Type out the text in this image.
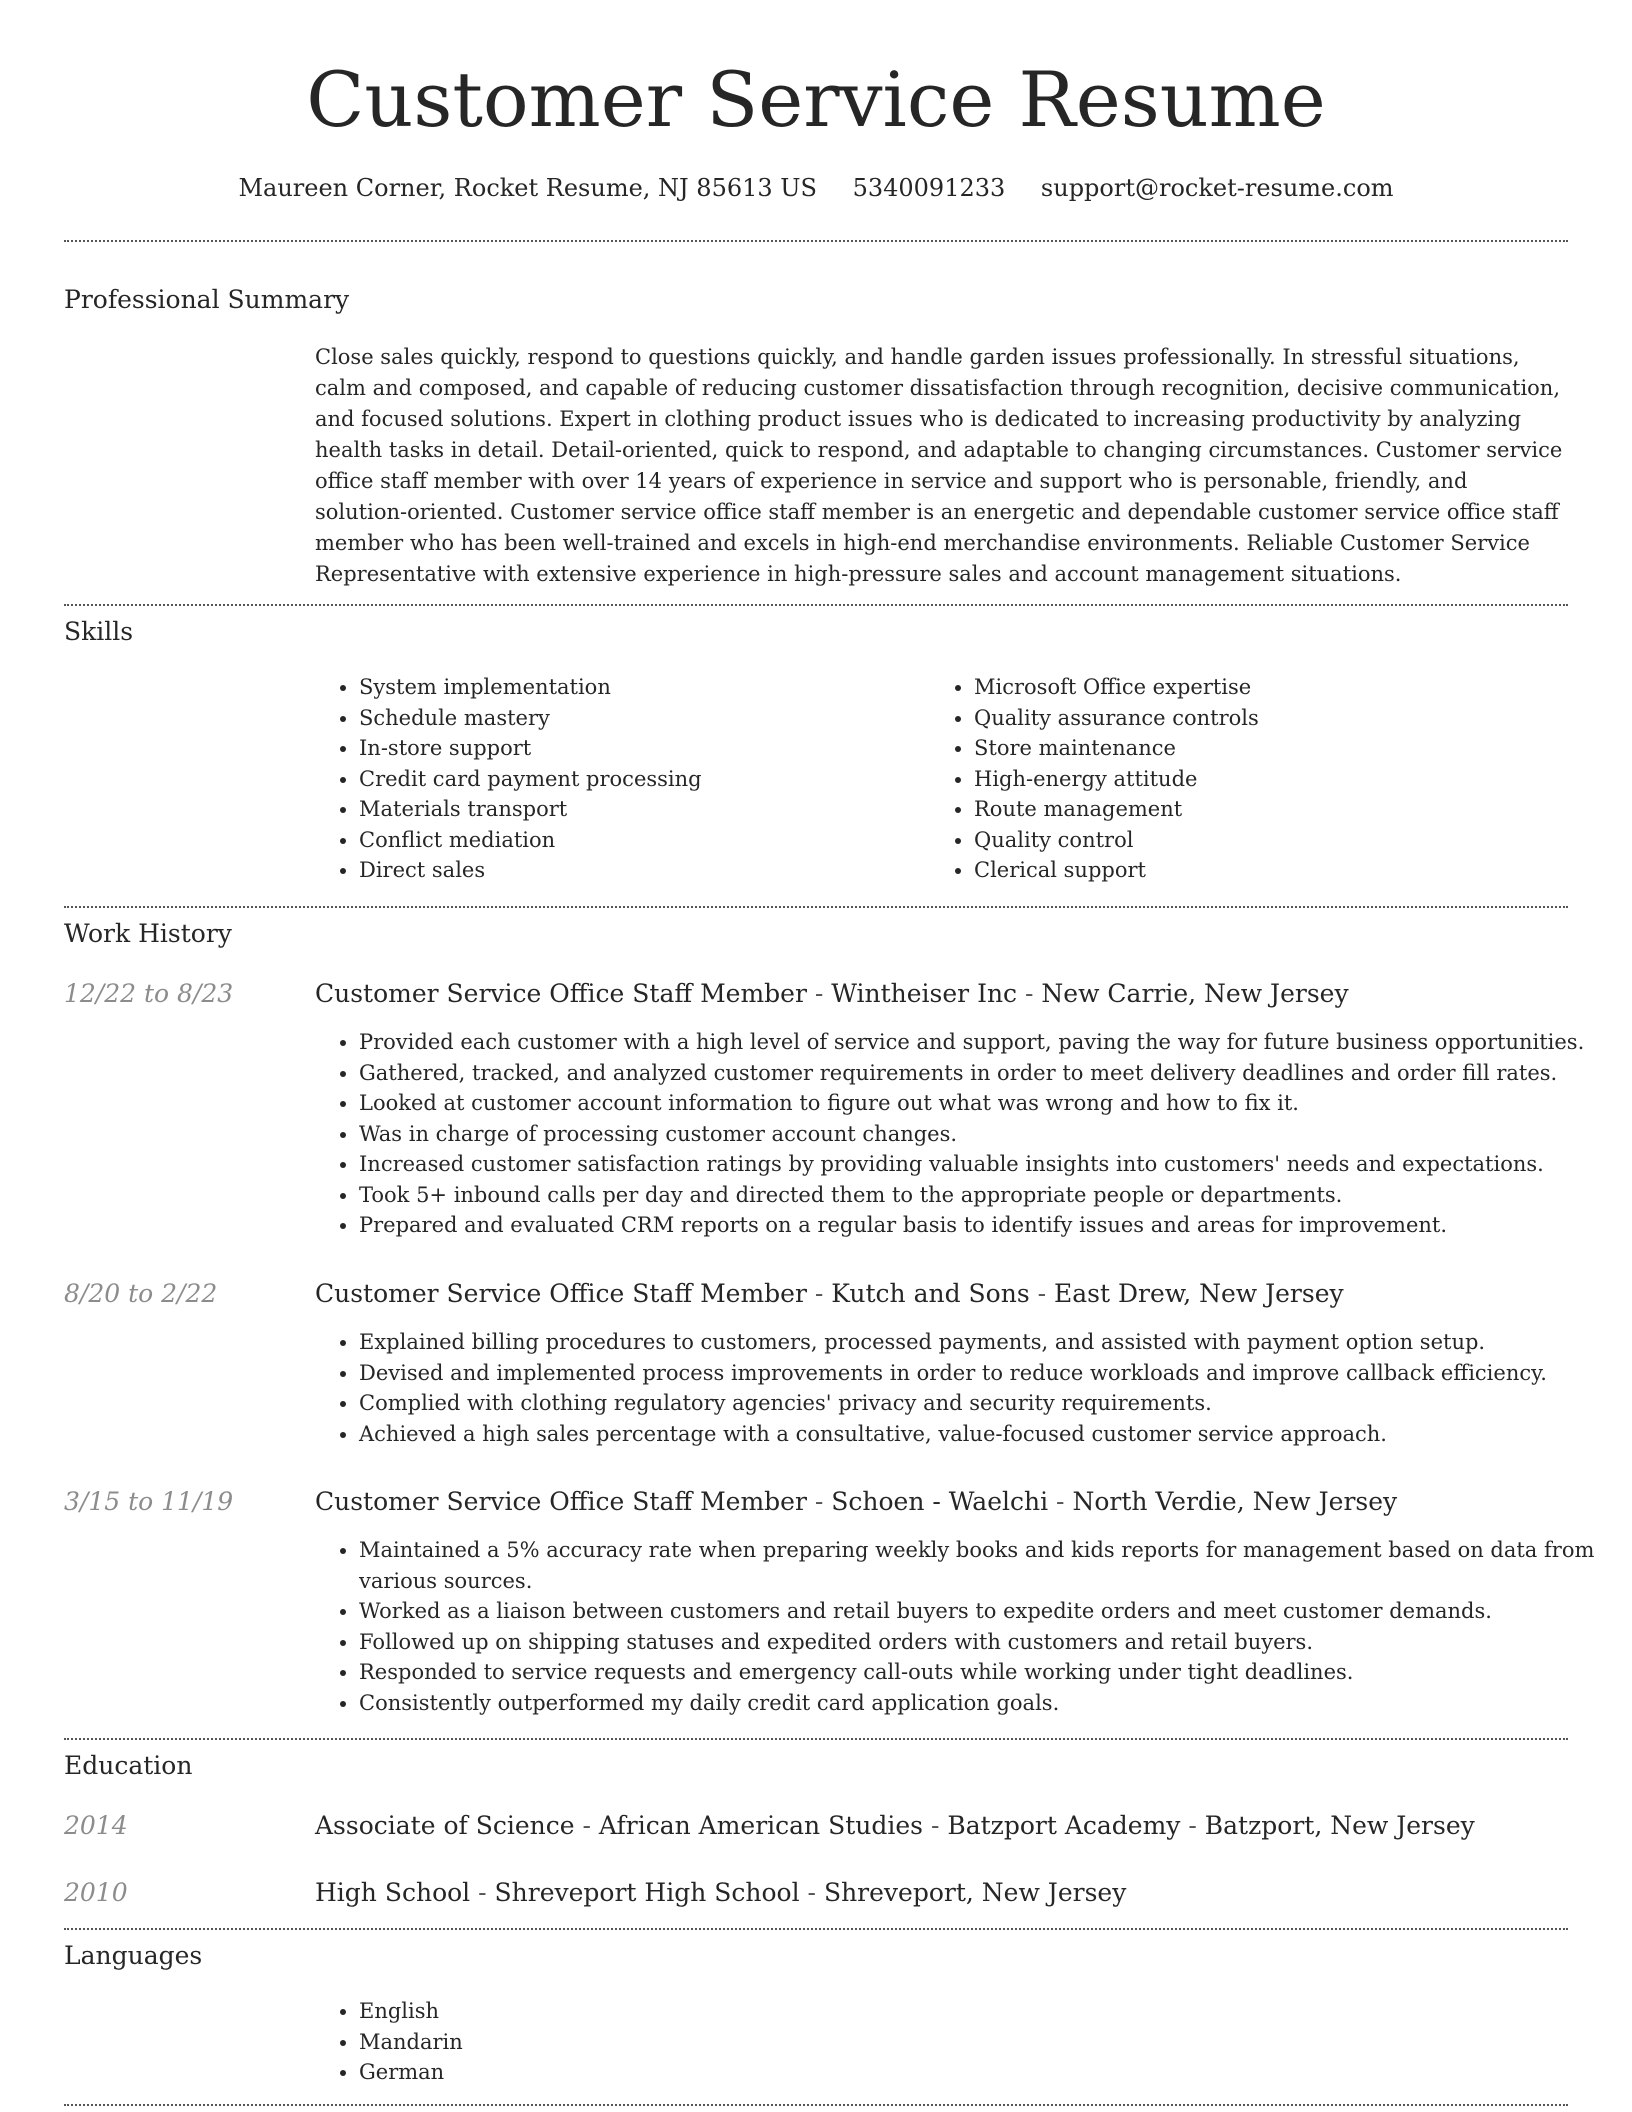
Customer Service Resume
Maureen Corner, Rocket Resume, NJ 85613 US 5340091233 support@rocket-resume.com
Professional Summary

Close sales quickly, respond to questions quickly, and handle garden issues professionally. In stressful situations, calm and composed, and capable of reducing customer dissatisfaction through recognition, decisive communication, and focused solutions. Expert in clothing product issues who is dedicated to increasing productivity by analyzing health tasks in detail. Detail-oriented, quick to respond, and adaptable to changing circumstances. Customer service office staff member with over 14 years of experience in service and support who is personable, friendly, and solution-oriented. Customer service office staff member is an energetic and dependable customer service office staff member who has been well-trained and excels in high-end merchandise environments. Reliable Customer Service Representative with extensive experience in high-pressure sales and account management situations.

Skills
• System implementation
• Schedule mastery
• In-store support
• Credit card payment processing
• Materials transport
• Conflict mediation
• Direct sales
• Microsoft Office expertise
• Quality assurance controls
• Store maintenance
• High-energy attitude
• Route management
• Quality control
• Clerical support
Work History
12/22 to 8/23	Customer Service Office Staff Member - Wintheiser Inc - New Carrie, New Jersey
• Provided each customer with a high level of service and support, paving the way for future business opportunities.
• Gathered, tracked, and analyzed customer requirements in order to meet delivery deadlines and order fill rates.
• Looked at customer account information to figure out what was wrong and how to fix it.
• Was in charge of processing customer account changes.
• Increased customer satisfaction ratings by providing valuable insights into customers' needs and expectations.
• Took 5+ inbound calls per day and directed them to the appropriate people or departments.
• Prepared and evaluated CRM reports on a regular basis to identify issues and areas for improvement.
8/20 to 2/22	Customer Service Office Staff Member - Kutch and Sons - East Drew, New Jersey
• Explained billing procedures to customers, processed payments, and assisted with payment option setup.
• Devised and implemented process improvements in order to reduce workloads and improve callback efficiency.
• Complied with clothing regulatory agencies' privacy and security requirements.
• Achieved a high sales percentage with a consultative, value-focused customer service approach.
3/15 to 11/19	Customer Service Office Staff Member - Schoen - Waelchi - North Verdie, New Jersey
• Maintained a 5% accuracy rate when preparing weekly books and kids reports for management based on data from various sources.
• Worked as a liaison between customers and retail buyers to expedite orders and meet customer demands.
• Followed up on shipping statuses and expedited orders with customers and retail buyers.
• Responded to service requests and emergency call-outs while working under tight deadlines.
• Consistently outperformed my daily credit card application goals.
Education
2014	Associate of Science - African American Studies - Batzport Academy - Batzport, New Jersey
2010	High School - Shreveport High School - Shreveport, New Jersey
Languages
• English
• Mandarin
• German
